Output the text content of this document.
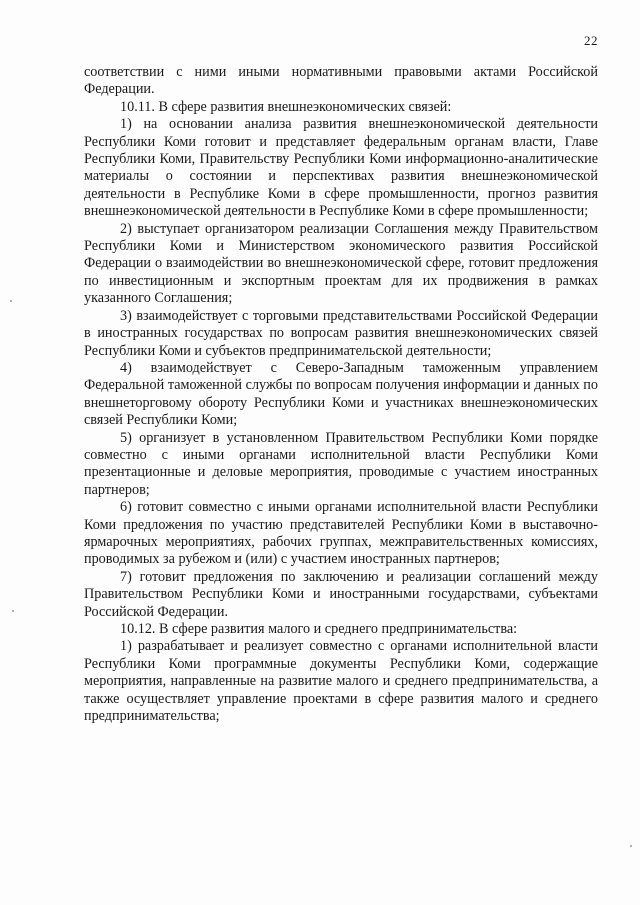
22

соответствии с ними иными нормативными правовыми актами Российской Федерации.

10.11. В сфере развития внешнеэкономических связей:

1) на основании анализа развития внешнеэкономической деятельности Республики Коми готовит и представляет федеральным органам власти, Главе Республики Коми, Правительству Республики Коми информационно-аналитические материалы о состоянии и перспективах развития внешнеэкономической деятельности в Республике Коми в сфере промышленности, прогноз развития внешнеэкономической деятельности в Республике Коми в сфере промышленности;

2) выступает организатором реализации Соглашения между Правительством Республики Коми и Министерством экономического развития Российской Федерации о взаимодействии во внешнеэкономической сфере, готовит предложения по инвестиционным и экспортным проектам для их продвижения в рамках указанного Соглашения;

3) взаимодействует с торговыми представительствами Российской Федерации в иностранных государствах по вопросам развития внешнеэкономических связей Республики Коми и субъектов предпринимательской деятельности;

4) взаимодействует с Северо-Западным таможенным управлением Федеральной таможенной службы по вопросам получения информации и данных по внешнеторговому обороту Республики Коми и участниках внешнеэкономических связей Республики Коми;

5) организует в установленном Правительством Республики Коми порядке совместно с иными органами исполнительной власти Республики Коми презентационные и деловые мероприятия, проводимые с участием иностранных партнеров;

6) готовит совместно с иными органами исполнительной власти Республики Коми предложения по участию представителей Республики Коми в выставочно-ярмарочных мероприятиях, рабочих группах, межправительственных комиссиях, проводимых за рубежом и (или) с участием иностранных партнеров;

7) готовит предложения по заключению и реализации соглашений между Правительством Республики Коми и иностранными государствами, субъектами Российской Федерации.

10.12. В сфере развития малого и среднего предпринимательства:

1) разрабатывает и реализует совместно с органами исполнительной власти Республики Коми программные документы Республики Коми, содержащие мероприятия, направленные на развитие малого и среднего предпринимательства, а также осуществляет управление проектами в сфере развития малого и среднего предпринимательства;
